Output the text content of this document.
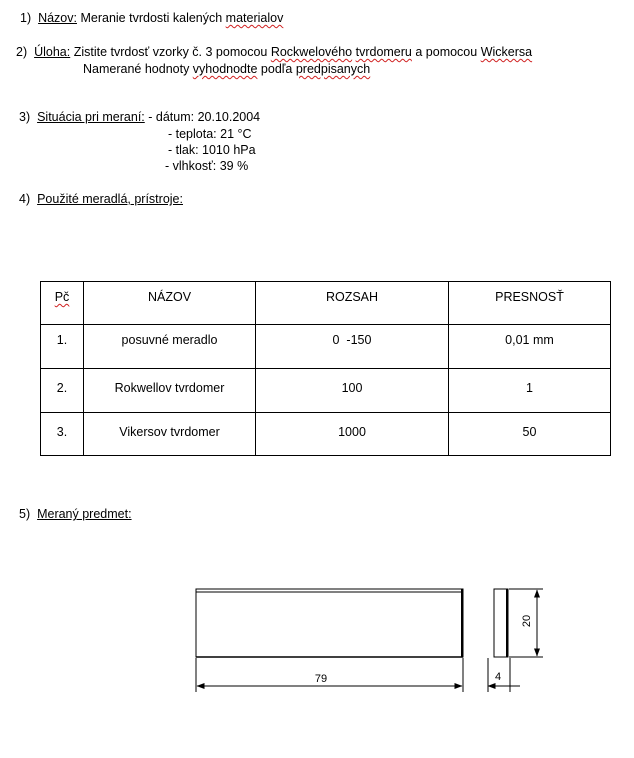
1) Názov: Meranie tvrdosti kalených materialov
2) Úloha: Zistite tvrdosť vzorky č. 3 pomocou Rockwelového tvrdomeru a pomocou Wickersa
Namerané hodnoty vyhodnodte podľa predpisanych
3) Situácia pri meraní: - dátum: 20.10.2004
- teplota: 21 °C
- tlak: 1010 hPa
- vlhkosť: 39 %
4) Použité meradlá, prístroje:
Pč	NÁZOV	ROZSAH	PRESNOSŤ
1.	posuvné meradlo	0  -150	0,01 mm
2.	Rokwellov tvrdomer	100	1
3.	Vikersov tvrdomer	1000	50
5) Meraný predmet:
79
20
4
